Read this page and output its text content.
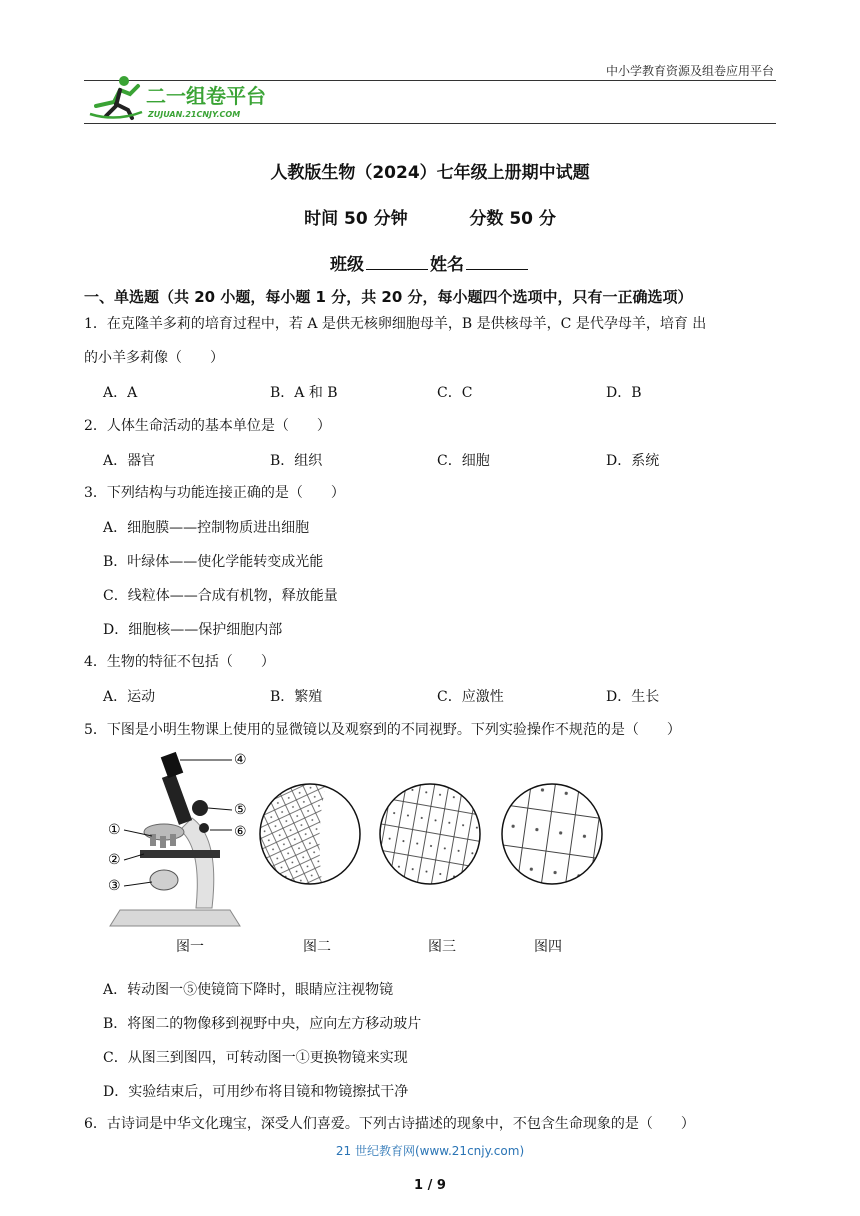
中小学教育资源及组卷应用平台
二一组卷平台
ZUJUAN.21CNJY.COM
人教版生物（2024）七年级上册期中试题
时间 50 分钟	分数 50 分
班级	姓名
一、单选题（共 20 小题，每小题 1 分，共 20 分，每小题四个选项中，只有一正确选项）
1．在克隆羊多莉的培育过程中，若 A 是供无核卵细胞母羊，B 是供核母羊，C 是代孕母羊，培育 出
的小羊多莉像（　　）
A．A	B．A 和 B	C．C	D．B
2．人体生命活动的基本单位是（　　）
A．器官	B．组织	C．细胞	D．系统
3．下列结构与功能连接正确的是（　　）
A．细胞膜——控制物质进出细胞
B．叶绿体——使化学能转变成光能
C．线粒体——合成有机物，释放能量
D．细胞核——保护细胞内部
4．生物的特征不包括（　　）
A．运动	B．繁殖	C．应激性	D．生长
5．下图是小明生物课上使用的显微镜以及观察到的不同视野。下列实验操作不规范的是（　　）
④
⑤
⑥
①
②
③
图一	图二	图三	图四
A．转动图一⑤使镜筒下降时，眼睛应注视物镜
B．将图二的物像移到视野中央，应向左方移动玻片
C．从图三到图四，可转动图一①更换物镜来实现
D．实验结束后，可用纱布将目镜和物镜擦拭干净
6．古诗词是中华文化瑰宝，深受人们喜爱。下列古诗描述的现象中，不包含生命现象的是（　　）
21 世纪教育网(www.21cnjy.com)
1 / 9
